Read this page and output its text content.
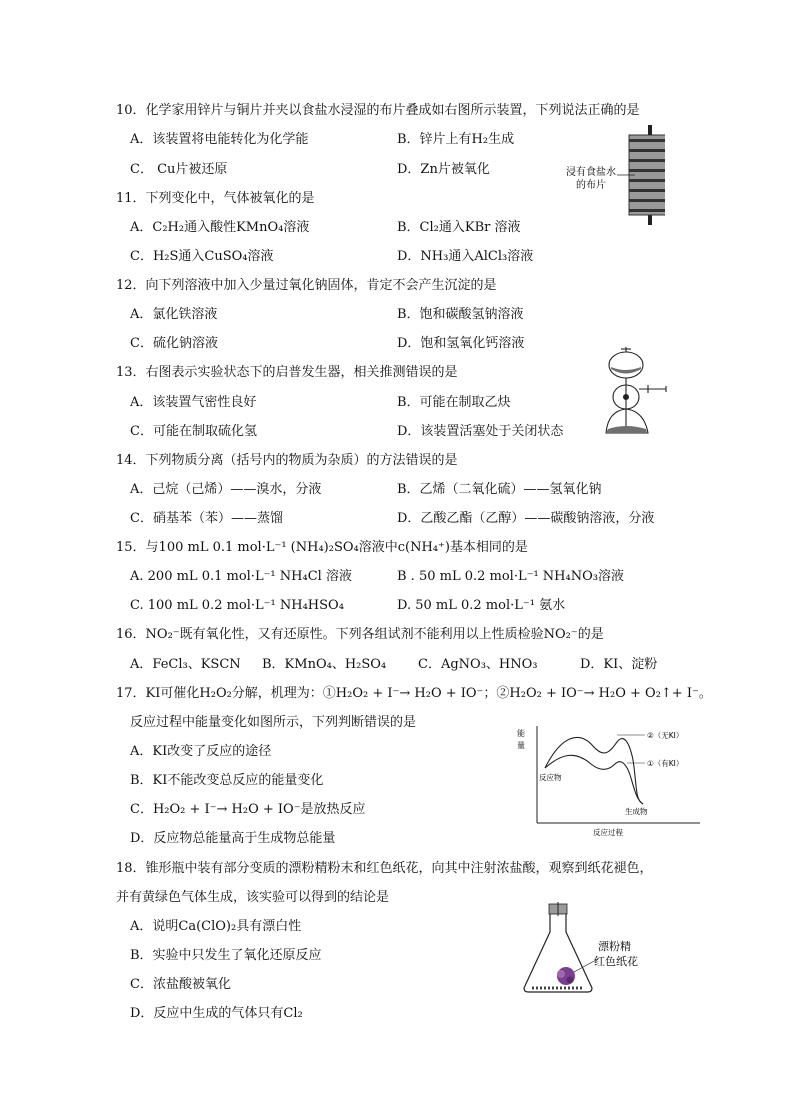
10．化学家用锌片与铜片并夹以食盐水浸湿的布片叠成如右图所示装置，下列说法正确的是
A．该装置将电能转化为化学能	B．锌片上有H₂生成
C． Cu片被还原	D．Zn片被氧化	浸有食盐水
的布片
11．下列变化中，气体被氧化的是
A．C₂H₂通入酸性KMnO₄溶液	B．Cl₂通入KBr 溶液
C．H₂S通入CuSO₄溶液	D．NH₃通入AlCl₃溶液
12．向下列溶液中加入少量过氧化钠固体，肯定不会产生沉淀的是
A．氯化铁溶液	B．饱和碳酸氢钠溶液
C．硫化钠溶液	D．饱和氢氧化钙溶液
13．右图表示实验状态下的启普发生器，相关推测错误的是
A．该装置气密性良好	B．可能在制取乙炔
C．可能在制取硫化氢	D．该装置活塞处于关闭状态
14．下列物质分离（括号内的物质为杂质）的方法错误的是
A．己烷（己烯）——溴水，分液	B．乙烯（二氧化硫）——氢氧化钠
C．硝基苯（苯）——蒸馏	D．乙酸乙酯（乙醇）——碳酸钠溶液，分液
15．与100 mL 0.1 mol·L⁻¹ (NH₄)₂SO₄溶液中c(NH₄⁺)基本相同的是
A. 200 mL 0.1 mol·L⁻¹ NH₄Cl 溶液	B . 50 mL 0.2 mol·L⁻¹ NH₄NO₃溶液
C. 100 mL 0.2 mol·L⁻¹ NH₄HSO₄	D. 50 mL 0.2 mol·L⁻¹ 氨水
16．NO₂⁻既有氧化性，又有还原性。下列各组试剂不能利用以上性质检验NO₂⁻的是
A．FeCl₃、KSCN B．KMnO₄、H₂SO₄ C．AgNO₃、HNO₃	D．KI、淀粉
17．KI可催化H₂O₂分解，机理为：①H₂O₂ + I⁻→ H₂O + IO⁻；②H₂O₂ + IO⁻→ H₂O + O₂↑+ I⁻。
反应过程中能量变化如图所示，下列判断错误的是
A．KI改变了反应的途径
B．KI不能改变总反应的能量变化
C．H₂O₂ + I⁻→ H₂O + IO⁻是放热反应
D．反应物总能量高于生成物总能量
能
量
②（无KI）
①（有KI）
反应物
生成物
反应过程
18．锥形瓶中装有部分变质的漂粉精粉末和红色纸花，向其中注射浓盐酸，观察到纸花褪色，
并有黄绿色气体生成，该实验可以得到的结论是
A．说明Ca(ClO)₂具有漂白性
B．实验中只发生了氧化还原反应
C．浓盐酸被氧化
D．反应中生成的气体只有Cl₂
漂粉精
红色纸花
